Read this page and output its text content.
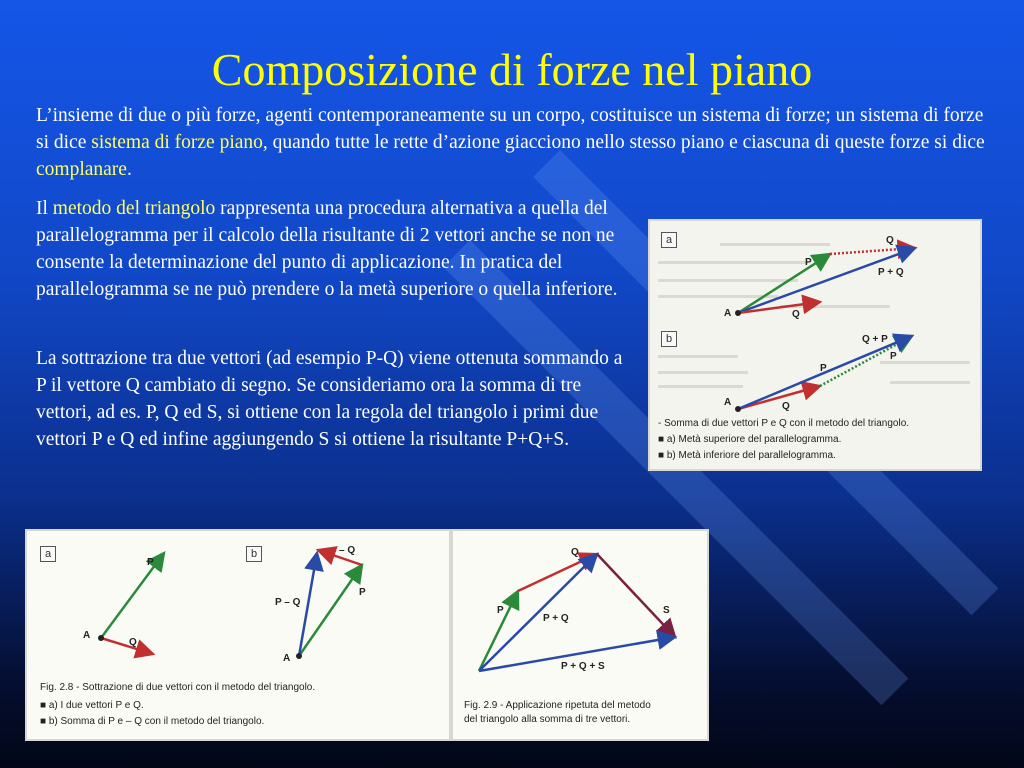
Composizione di forze nel piano

L’insieme di due o più forze, agenti contemporaneamente su un corpo, costituisce un sistema di forze; un sistema di forze si dice sistema di forze piano, quando tutte le rette d’azione giacciono nello stesso piano e ciascuna di queste forze si dice complanare.

Il metodo del triangolo rappresenta una procedura alternativa a quella del parallelogramma per il calcolo della risultante di 2 vettori anche se non ne consente la determinazione del punto di applicazione. In pratica del parallelogramma se ne può prendere o la metà superiore o quella inferiore.

La sottrazione tra due vettori (ad esempio P-Q) viene ottenuta sommando a P il vettore Q cambiato di segno. Se consideriamo ora la somma di tre vettori, ad es. P, Q ed S, si ottiene con la regola del triangolo i primi due vettori P e Q ed infine aggiungendo S si ottiene la risultante P+Q+S.

a
b
Q
P
P + Q
A	Q
Q + P
P
P
A	Q
- Somma di due vettori P e Q con il metodo del triangolo.
■ a) Metà superiore del parallelogramma.
■ b) Metà inferiore del parallelogramma.
a	b
P
A
Q
– Q
P – Q
P
A
Fig. 2.8 - Sottrazione di due vettori con il metodo del triangolo.
■ a) I due vettori P e Q.
■ b) Somma di P e – Q con il metodo del triangolo.
Q
P
P + Q
S
P + Q + S
Fig. 2.9 - Applicazione ripetuta del metodo
del triangolo alla somma di tre vettori.
